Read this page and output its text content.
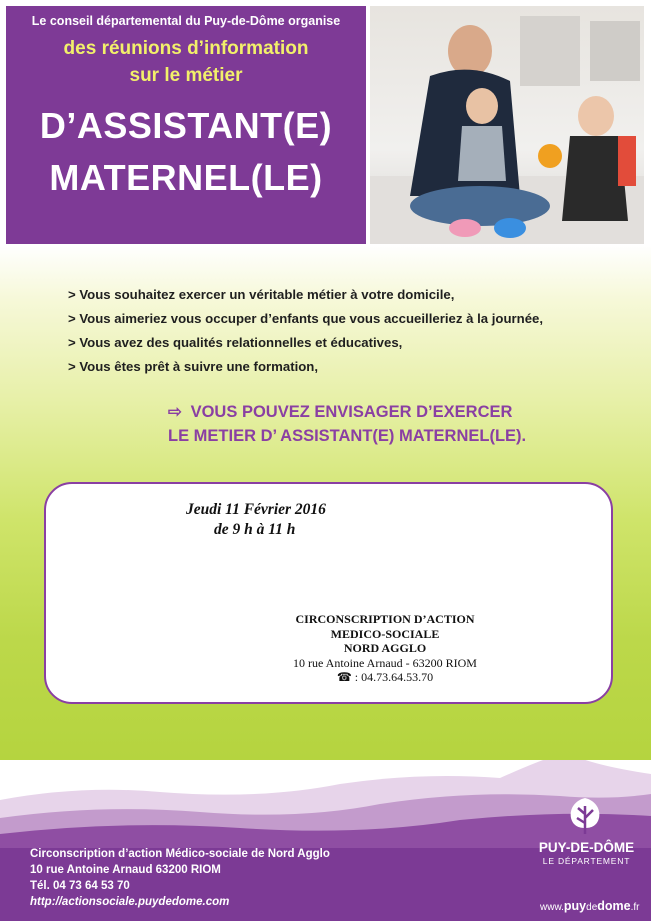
Le conseil départemental du Puy-de-Dôme organise
des réunions d’information
sur le métier
D’ASSISTANT(E)
MATERNEL(LE)
> Vous souhaitez exercer un véritable métier à votre domicile,
> Vous aimeriez vous occuper d’enfants que vous accueilleriez à la journée,
> Vous avez des qualités relationnelles et éducatives,
> Vous êtes prêt à suivre une formation,
⇨ VOUS POUVEZ ENVISAGER D’EXERCER
LE METIER D’ ASSISTANT(E) MATERNEL(LE).
Jeudi 11 Février 2016
de 9 h à 11 h
CIRCONSCRIPTION D’ACTION
MEDICO-SOCIALE
NORD AGGLO
10 rue Antoine Arnaud - 63200 RIOM
☎ : 04.73.64.53.70
Circonscription d’action Médico-sociale de Nord Agglo
10 rue Antoine Arnaud 63200 RIOM
Tél. 04 73 64 53 70
http://actionsociale.puydedome.com
PUY-DE-DÔME
LE DÉPARTEMENT
www.puydedome.fr
